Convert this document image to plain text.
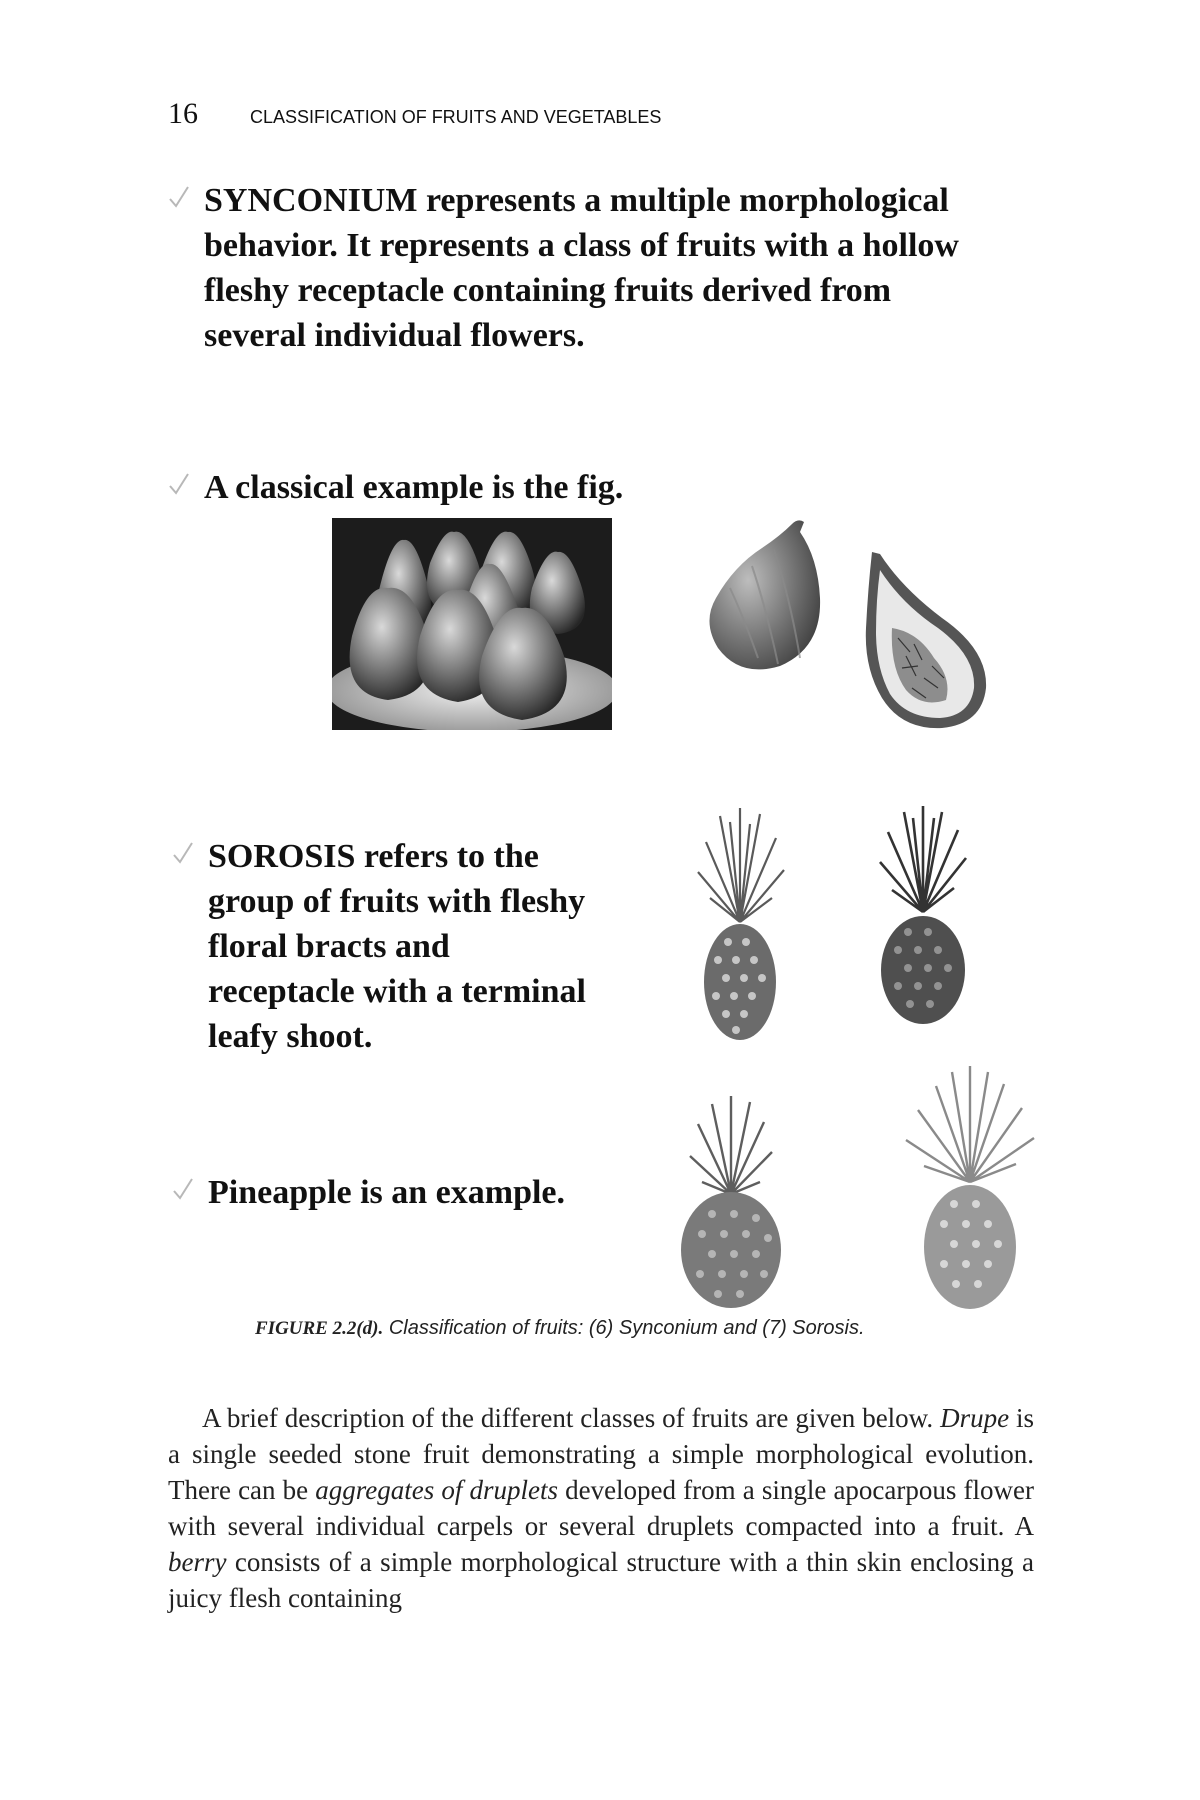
16	CLASSIFICATION OF FRUITS AND VEGETABLES
SYNCONIUM represents a multiple morphological behavior. It represents a class of fruits with a hollow fleshy receptacle containing fruits derived from several individual flowers.
A classical example is the fig.
SOROSIS refers to the group of fruits with fleshy floral bracts and receptacle with a terminal leafy shoot.
Pineapple is an example.
FIGURE 2.2(d). Classification of fruits: (6) Synconium and (7) Sorosis.

A brief description of the different classes of fruits are given below. Drupe is a single seeded stone fruit demonstrating a simple morphological evolution. There can be aggregates of druplets developed from a single apocarpous flower with several individual carpels or several druplets compacted into a fruit. A berry consists of a simple morphological structure with a thin skin enclosing a juicy flesh containing
